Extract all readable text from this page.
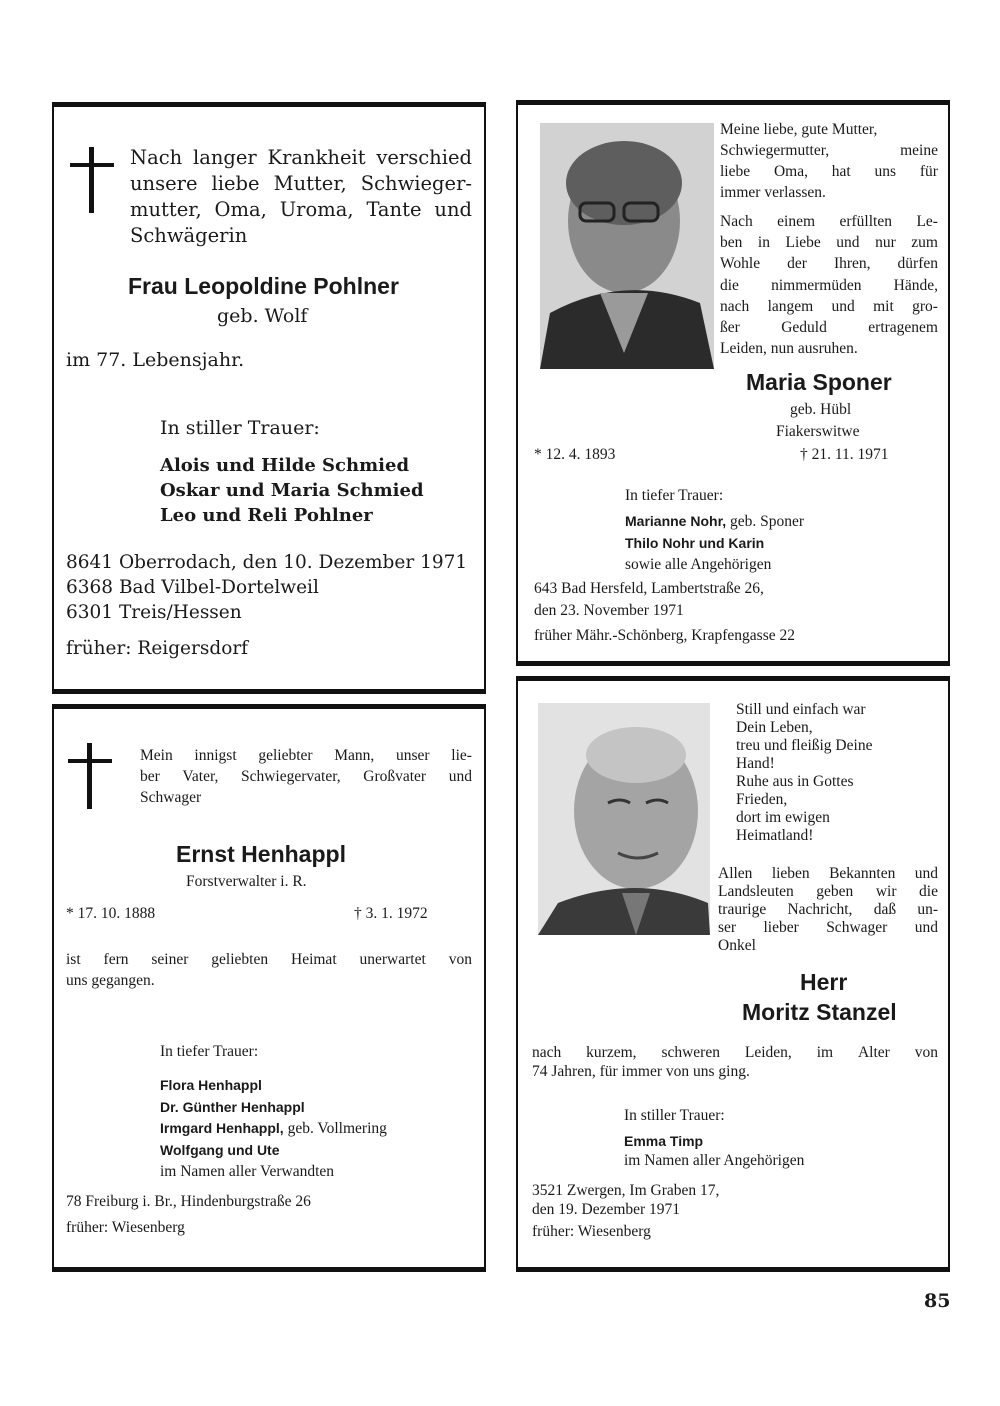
Nach langer Krankheit verschied
unsere liebe Mutter, Schwieger-
mutter, Oma, Uroma, Tante und
Schwägerin
Frau Leopoldine Pohlner
geb. Wolf
im 77. Lebensjahr.
In stiller Trauer:
Alois und Hilde Schmied
Oskar und Maria Schmied
Leo und Reli Pohlner
8641 Oberrodach, den 10. Dezember 1971
6368 Bad Vilbel-Dortelweil
6301 Treis/Hessen
früher: Reigersdorf
Meine liebe, gute Mutter,
Schwiegermutter,	meine
liebe Oma, hat uns für
immer verlassen.
Nach einem erfüllten Le-
ben in Liebe und nur zum
Wohle der Ihren, dürfen
die nimmermüden Hände,
nach langem und mit gro-
ßer	Geduld	ertragenem
Leiden, nun ausruhen.
Maria Sponer
geb. Hübl
Fiakerswitwe
* 12. 4. 1893	† 21. 11. 1971
In tiefer Trauer:
Marianne Nohr, geb. Sponer
Thilo Nohr und Karin
sowie alle Angehörigen
643 Bad Hersfeld, Lambertstraße 26,
den 23. November 1971
früher Mähr.-Schönberg, Krapfengasse 22
Mein innigst geliebter Mann, unser lie-
ber Vater, Schwiegervater, Großvater und
Schwager
Ernst Henhappl
Forstverwalter i. R.
* 17. 10. 1888	† 3. 1. 1972
ist fern seiner geliebten Heimat unerwartet von
uns gegangen.
In tiefer Trauer:
Flora Henhappl
Dr. Günther Henhappl
Irmgard Henhappl, geb. Vollmering
Wolfgang und Ute
im Namen aller Verwandten
78 Freiburg i. Br., Hindenburgstraße 26
früher: Wiesenberg
Still und einfach war
Dein Leben,
treu und fleißig Deine
Hand!
Ruhe aus in Gottes
Frieden,
dort im ewigen
Heimatland!
Allen lieben Bekannten und
Landsleuten geben wir die
traurige Nachricht, daß un-
ser lieber Schwager und
Onkel
Herr
Moritz Stanzel
nach kurzem, schweren Leiden, im Alter von
74 Jahren, für immer von uns ging.
In stiller Trauer:
Emma Timp
im Namen aller Angehörigen
3521 Zwergen, Im Graben 17,
den 19. Dezember 1971
früher: Wiesenberg
85
